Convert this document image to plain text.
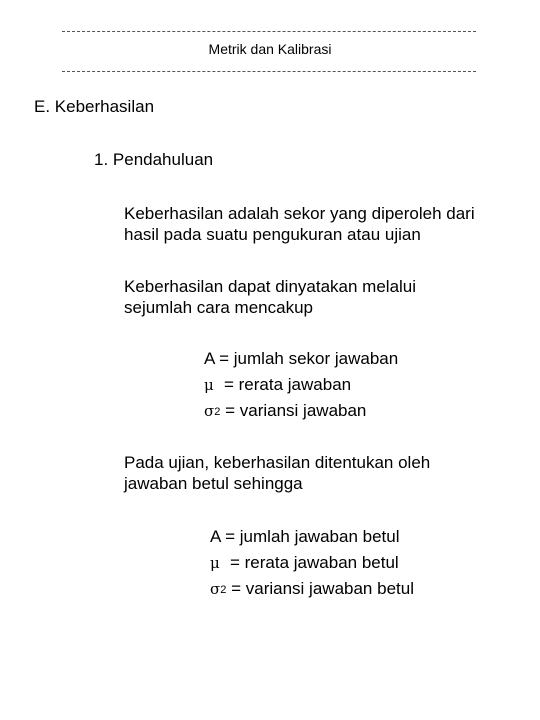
Metrik dan Kalibrasi
E. Keberhasilan
1. Pendahuluan
Keberhasilan adalah sekor yang diperoleh dari
hasil pada suatu pengukuran atau ujian
Keberhasilan dapat dinyatakan melalui
sejumlah cara mencakup
A = jumlah sekor jawaban
μ = rerata jawaban
$\sigma^2$ = variansi jawaban
Pada ujian, keberhasilan ditentukan oleh
jawaban betul sehingga
A = jumlah jawaban betul
μ = rerata jawaban betul
$\sigma^2$ = variansi jawaban betul
